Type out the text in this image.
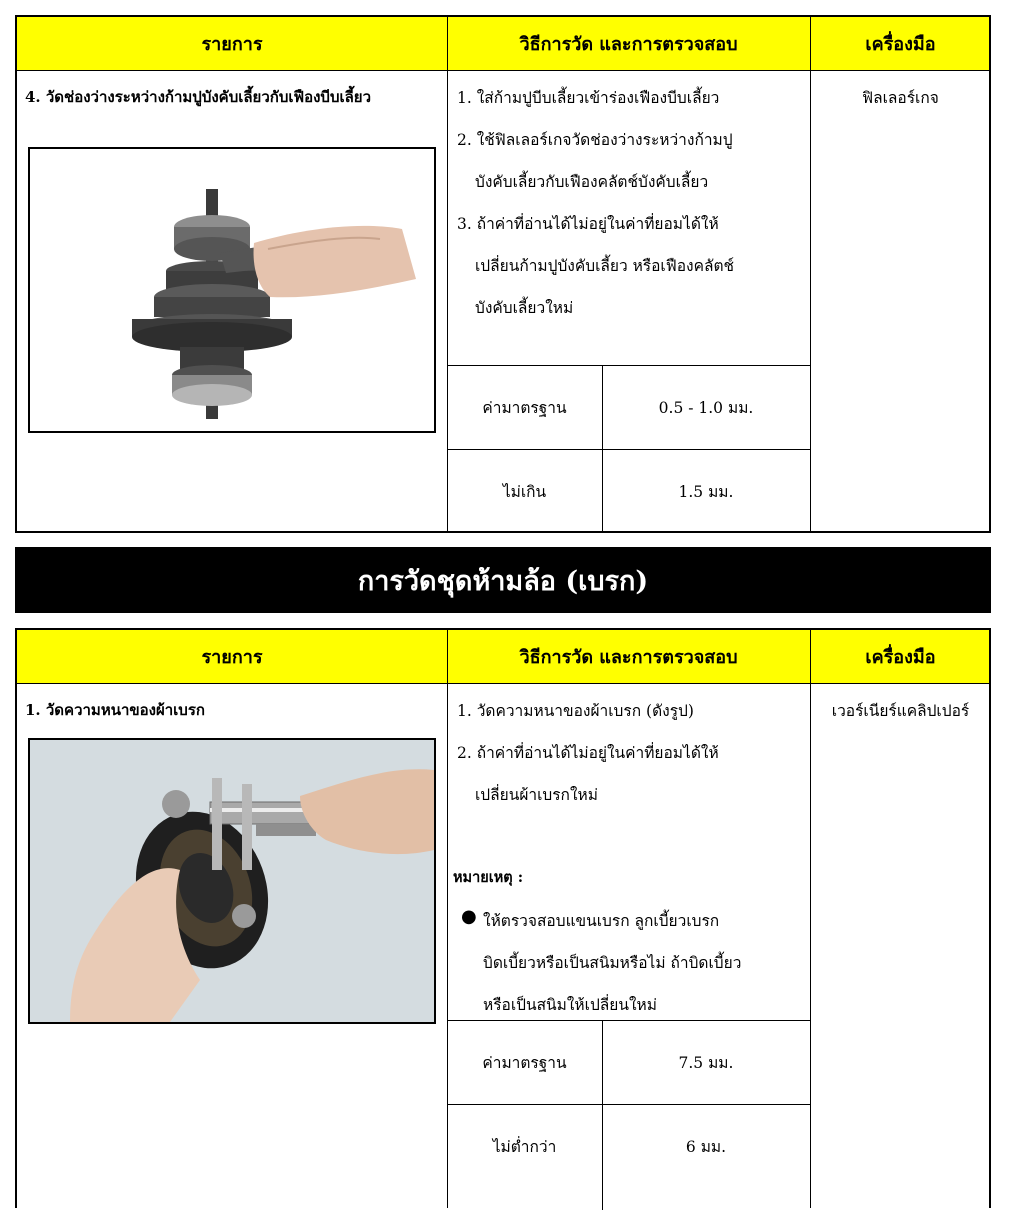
รายการ	วิธีการวัด และการตรวจสอบ	เครื่องมือ
4. วัดช่องว่างระหว่างก้ามปูบังคับเลี้ยวกับเฟืองบีบเลี้ยว	1. ใส่ก้ามปูบีบเลี้ยวเข้าร่องเฟืองบีบเลี้ยว
2. ใช้ฟิลเลอร์เกจวัดช่องว่างระหว่างก้ามปู
บังคับเลี้ยวกับเฟืองคลัตช์บังคับเลี้ยว
3. ถ้าค่าที่อ่านได้ไม่อยู่ในค่าที่ยอมได้ให้
เปลี่ยนก้ามปูบังคับเลี้ยว หรือเฟืองคลัตช์
บังคับเลี้ยวใหม่
ฟิลเลอร์เกจ
ค่ามาตรฐาน	0.5 - 1.0 มม.
ไม่เกิน	1.5 มม.
การวัดชุดห้ามล้อ (เบรก)
รายการ	วิธีการวัด และการตรวจสอบ	เครื่องมือ
1. วัดความหนาของผ้าเบรก	1. วัดความหนาของผ้าเบรก (ดังรูป)
2. ถ้าค่าที่อ่านได้ไม่อยู่ในค่าที่ยอมได้ให้
เปลี่ยนผ้าเบรกใหม่
หมายเหตุ :
● ให้ตรวจสอบแขนเบรก ลูกเบี้ยวเบรก
บิดเบี้ยวหรือเป็นสนิมหรือไม่ ถ้าบิดเบี้ยว
หรือเป็นสนิมให้เปลี่ยนใหม่
เวอร์เนียร์แคลิปเปอร์
ค่ามาตรฐาน	7.5 มม.
ไม่ต่ำกว่า	6 มม.
